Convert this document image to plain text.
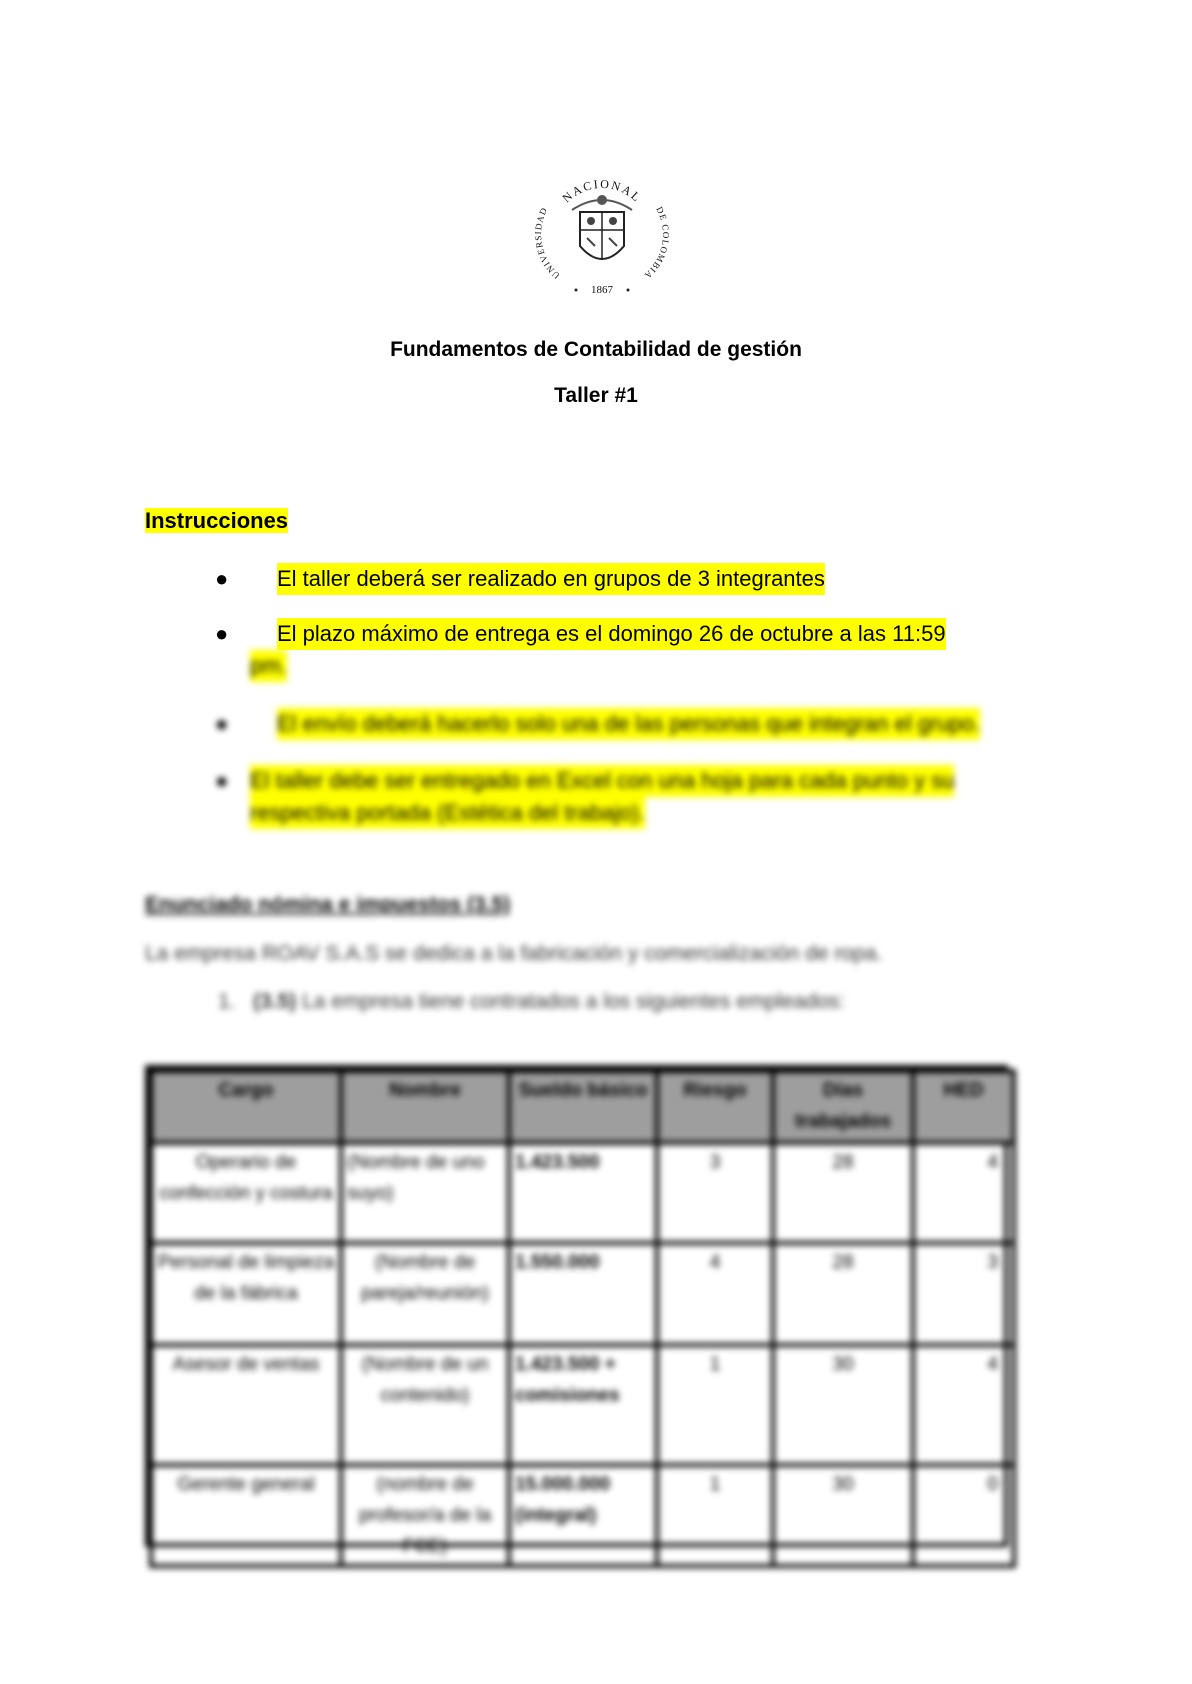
NACIONAL
UNIVERSIDAD	DE COLOMBIA
1867
Fundamentos de Contabilidad de gestión
Taller #1
Instrucciones
● El taller deberá ser realizado en grupos de 3 integrantes
● El plazo máximo de entrega es el domingo 26 de octubre a las 11:59
pm.
● El envío deberá hacerlo solo una de las personas que integran el grupo.
● El taller debe ser entregado en Excel con una hoja para cada punto y su
respectiva portada (Estética del trabajo).
Enunciado nómina e impuestos (3.5)
La empresa ROAV S.A.S se dedica a la fabricación y comercialización de ropa.
1. (3.5) La empresa tiene contratados a los siguientes empleados:
Cargo	Nombre	Sueldo básico	Riesgo	Días trabajados	HED
Operario de confección y costura	(Nombre de uno suyo)	1.423.500	3	28	4
Personal de limpieza de la fábrica	(Nombre de pareja/reunión)	1.550.000	4	28	3
Asesor de ventas	(Nombre de un contenido)	1.423.500 + comisiones	1	30	4
Gerente general	(nombre de profesor/a de la FCE)	15.000.000 (integral)	1	30	0
